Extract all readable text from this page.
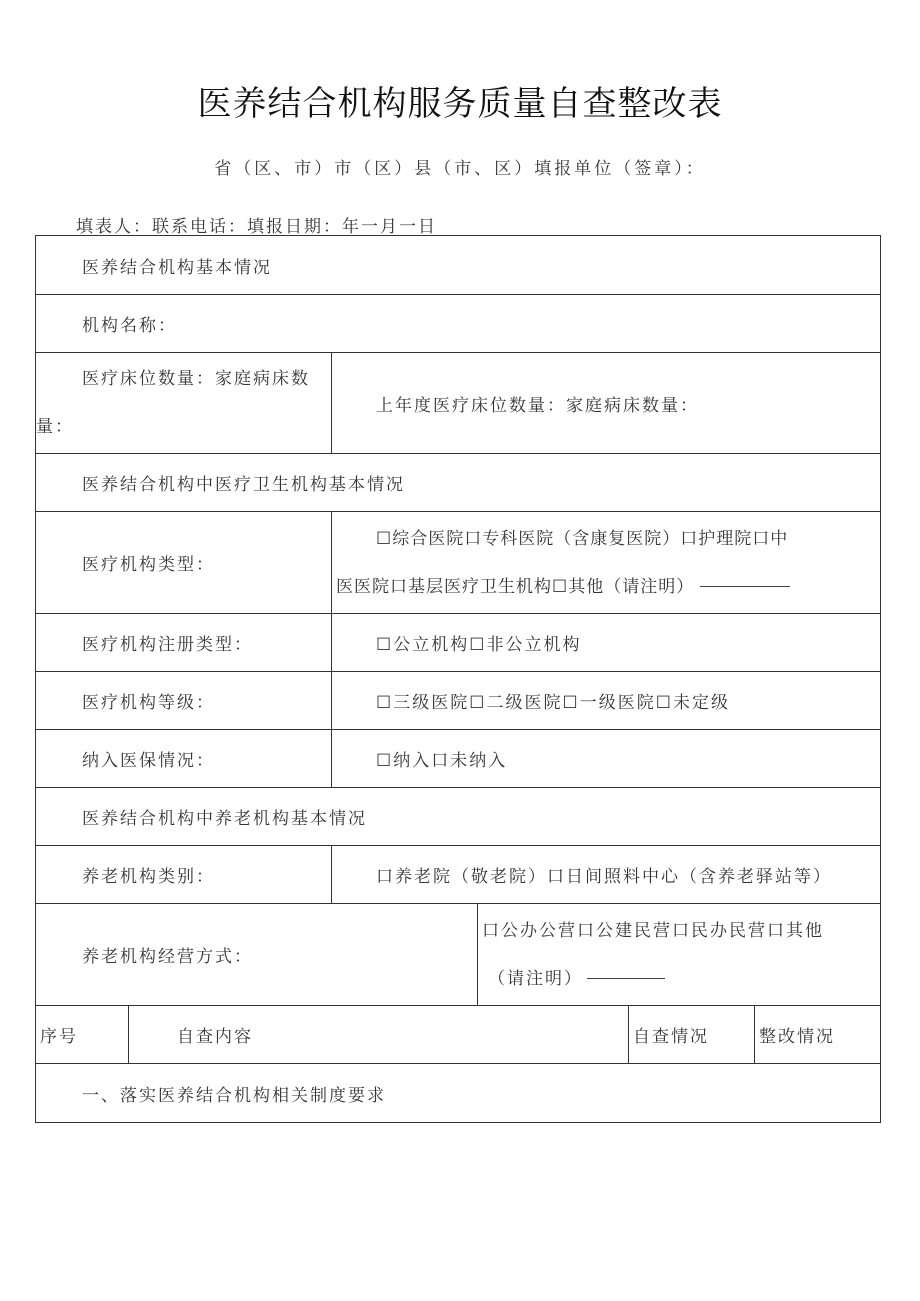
医养结合机构服务质量自查整改表
省（区、市）市（区）县（市、区）填报单位（签章）：
填表人：联系电话：填报日期：年一月一日
医养结合机构基本情况					
机构名称：					
医疗床位数量：家庭病床数量：		上年度医疗床位数量：家庭病床数量：			
医养结合机构中医疗卫生机构基本情况					
医疗机构类型：		☐综合医院口专科医院（含康复医院）口护理院口中
医医院口基层医疗卫生机构☐其他（请注明）			

医疗机构注册类型：		☐公立机构☐非公立机构			
医疗机构等级：		☐三级医院☐二级医院☐一级医院☐未定级			
纳入医保情况：		☐纳入口未纳入			
医养结合机构中养老机构基本情况					
养老机构类别：		口养老院（敬老院）口日间照料中心（含养老驿站等）			
养老机构经营方式：			口公办公营口公建民营口民办民营口其他
（请注明）		

序号	自查内容			自查情况	整改情况
一、落实医养结合机构相关制度要求					
